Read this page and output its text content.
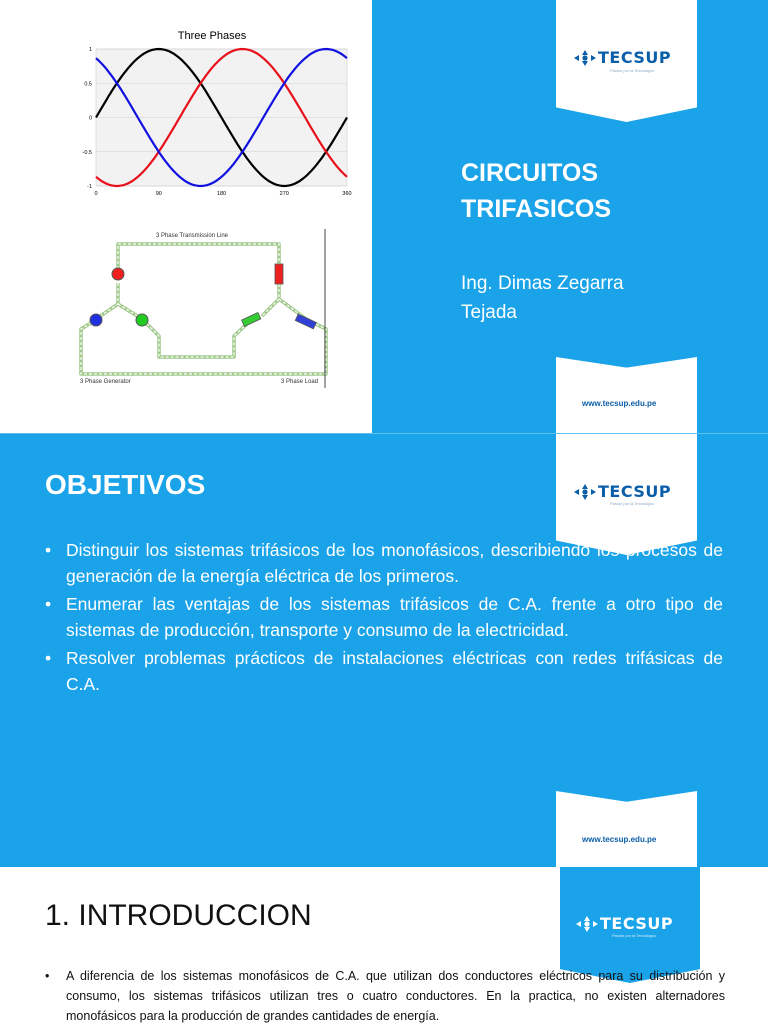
Three Phases
1
0.5
0
-0.5
-1
0	90	180	270	360
3 Phase Transmission Line
3 Phase Generator	3 Phase Load
TECSUP
Pasión por la Tecnología
CIRCUITOS
TRIFASICOS
Ing. Dimas Zegarra
Tejada
www.tecsup.edu.pe
TECSUP
Pasión por la Tecnología
OBJETIVOS
• Distinguir los sistemas trifásicos de los monofásicos, describiendo los procesos de generación de la energía eléctrica de los primeros.
• Enumerar las ventajas de los sistemas trifásicos de C.A. frente a otro tipo de sistemas de producción, transporte y consumo de la electricidad.
• Resolver problemas prácticos de instalaciones eléctricas con redes trifásicas de C.A.
www.tecsup.edu.pe
TECSUP
Pasión por la Tecnología
1. INTRODUCCION
• A diferencia de los sistemas monofásicos de C.A. que utilizan dos conductores eléctricos para su distribución y consumo, los sistemas trifásicos utilizan tres o cuatro conductores. En la practica, no existen alternadores monofásicos para la producción de grandes cantidades de energía.
